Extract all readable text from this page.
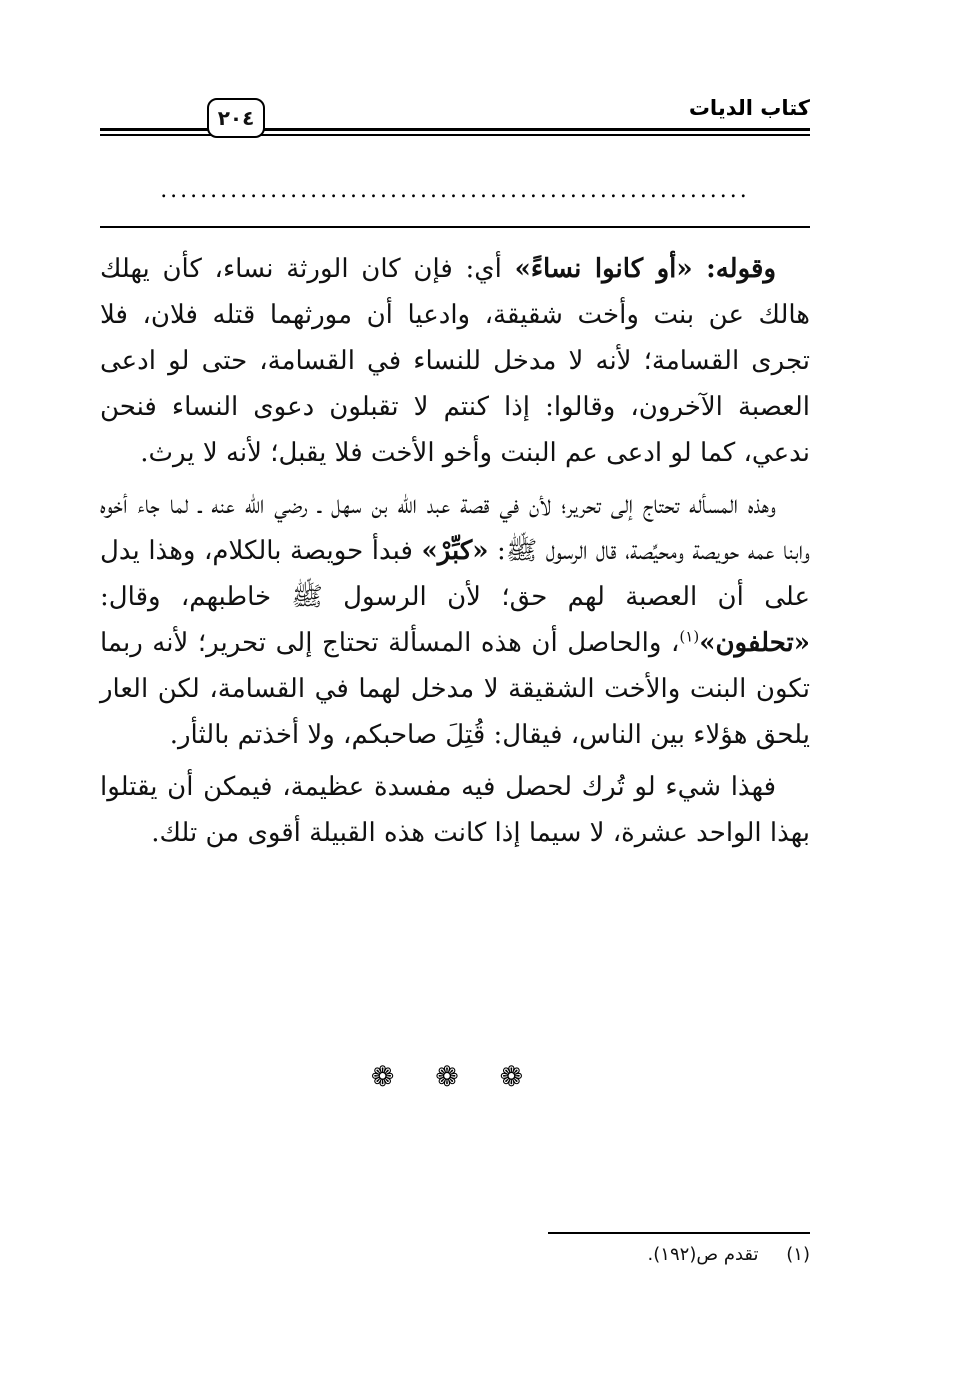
كتاب الديات
٢٠٤
...........................................................

وقوله: «أو كانوا نساءً» أي: فإن كان الورثة نساء، كأن يهلك هالك عن بنت وأخت شقيقة، وادعيا أن مورثهما قتله فلان، فلا تجرى القسامة؛ لأنه لا مدخل للنساء في القسامة، حتى لو ادعى العصبة الآخرون، وقالوا: إذا كنتم لا تقبلون دعوى النساء فنحن ندعي، كما لو ادعى عم البنت وأخو الأخت فلا يقبل؛ لأنه لا يرث.

وهذه المسأله تحتاج إلى تحرير؛ لأن في قصة عبد الله بن سهل ـ رضي الله عنه ـ لما جاء أخوه وابنا عمه حويصة ومحيِّصة، قال الرسول ﷺ: «كبِّرْ» فبدأ حويصة بالكلام، وهذا يدل على أن العصبة لهم حق؛ لأن الرسول ﷺ خاطبهم، وقال: «تحلفون»$^{(١)}$، والحاصل أن هذه المسألة تحتاج إلى تحرير؛ لأنه ربما تكون البنت والأخت الشقيقة لا مدخل لهما في القسامة، لكن العار يلحق هؤلاء بين الناس، فيقال: قُتِلَ صاحبكم، ولا أخذتم بالثأر.

فهذا شيء لو تُرك لحصل فيه مفسدة عظيمة، فيمكن أن يقتلوا بهذا الواحد عشرة، لا سيما إذا كانت هذه القبيلة أقوى من تلك.

❁ ❁ ❁
(١) تقدم ص(١٩٢).
